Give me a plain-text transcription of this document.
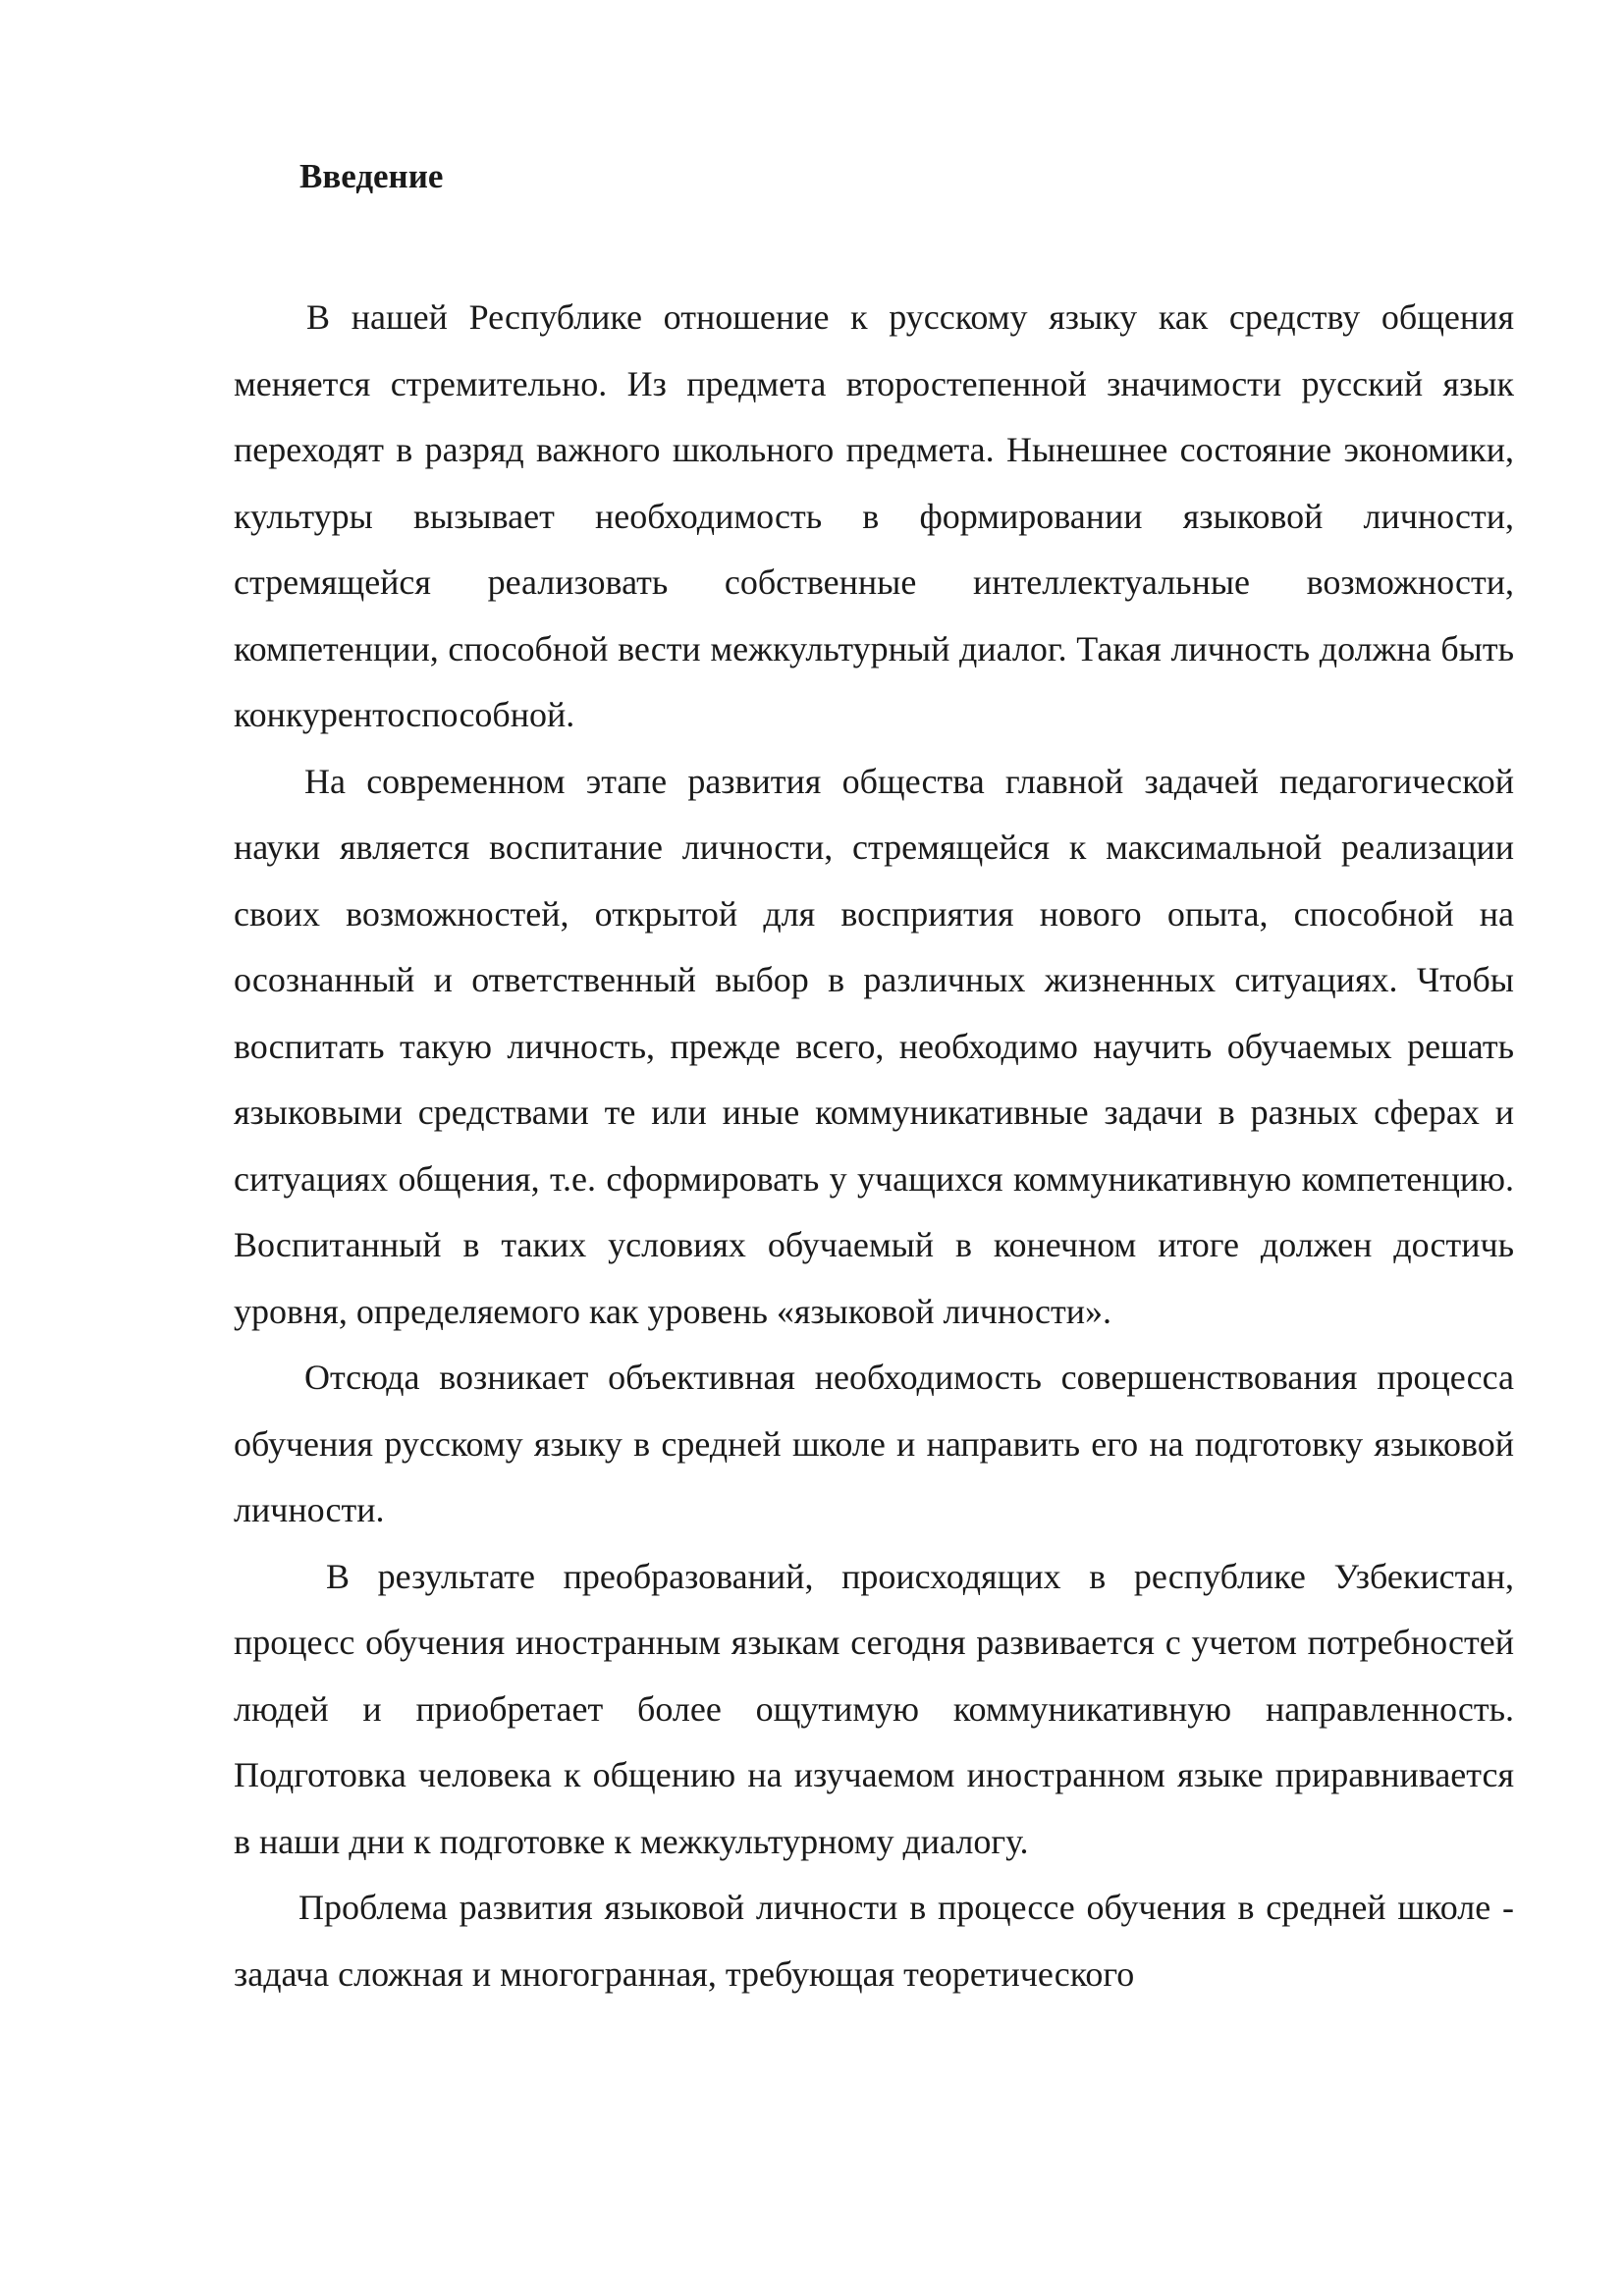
Введение

В нашей Республике отношение к русскому языку как средству общения меняется стремительно. Из предмета второстепенной значимости русский язык переходят в разряд важного школьного предмета. Нынешнее состояние экономики, культуры вызывает необходимость в формировании языковой личности, стремящейся реализовать собственные интеллектуальные возможности, компетенции, способной вести межкультурный диалог. Такая личность должна быть конкурентоспособной.

На современном этапе развития общества главной задачей педагогической науки является воспитание личности, стремящейся к максимальной реализации своих возможностей, открытой для восприятия нового опыта, способной на осознанный и ответственный выбор в различных жизненных ситуациях. Чтобы воспитать такую личность, прежде всего, необходимо научить обучаемых решать языковыми средствами те или иные коммуникативные задачи в разных сферах и ситуациях общения, т.е. сформировать у учащихся коммуникативную компетенцию. Воспитанный в таких условиях обучаемый в конечном итоге должен достичь уровня, определяемого как уровень «языковой личности».

Отсюда возникает объективная необходимость совершенствования процесса обучения русскому языку в средней школе и направить его на подготовку языковой личности.

В результате преобразований, происходящих в республике Узбекистан, процесс обучения иностранным языкам сегодня развивается с учетом потребностей людей и приобретает более ощутимую коммуникативную направленность. Подготовка человека к общению на изучаемом иностранном языке приравнивается в наши дни к подготовке к межкультурному диалогу.

Проблема развития языковой личности в процессе обучения в средней школе - задача сложная и многогранная, требующая теоретического
